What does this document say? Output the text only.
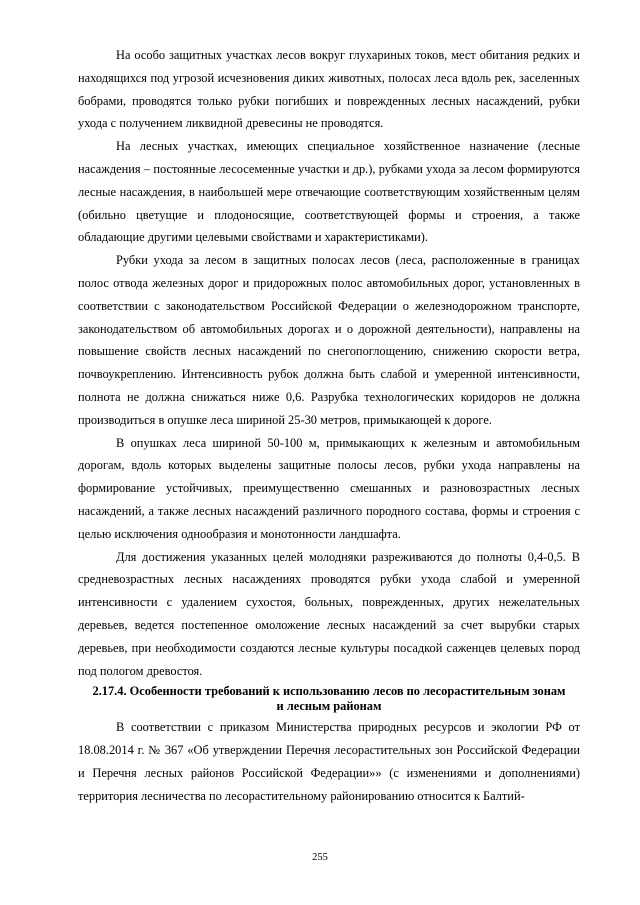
На особо защитных участках лесов вокруг глухариных токов, мест обитания редких и находящихся под угрозой исчезновения диких животных, полосах леса вдоль рек, заселенных бобрами, проводятся только рубки погибших и поврежденных лесных насаждений, рубки ухода с получением ликвидной древесины не проводятся.

На лесных участках, имеющих специальное хозяйственное назначение (лесные насаждения – постоянные лесосеменные участки и др.), рубками ухода за лесом формируются лесные насаждения, в наибольшей мере отвечающие соответствующим хозяйственным целям (обильно цветущие и плодоносящие, соответствующей формы и строения, а также обладающие другими целевыми свойствами и характеристиками).

Рубки ухода за лесом в защитных полосах лесов (леса, расположенные в границах полос отвода железных дорог и придорожных полос автомобильных дорог, установленных в соответствии с законодательством Российской Федерации о железнодорожном транспорте, законодательством об автомобильных дорогах и о дорожной деятельности), направлены на повышение свойств лесных насаждений по снегопоглощению, снижению скорости ветра, почвоукреплению. Интенсивность рубок должна быть слабой и умеренной интенсивности, полнота не должна снижаться ниже 0,6. Разрубка технологических коридоров не должна производиться в опушке леса шириной 25-30 метров, примыкающей к дороге.

В опушках леса шириной 50-100 м, примыкающих к железным и автомобильным дорогам, вдоль которых выделены защитные полосы лесов, рубки ухода направлены на формирование устойчивых, преимущественно смешанных и разновозрастных лесных насаждений, а также лесных насаждений различного породного состава, формы и строения с целью исключения однообразия и монотонности ландшафта.

Для достижения указанных целей молодняки разреживаются до полноты 0,4-0,5. В средневозрастных лесных насаждениях проводятся рубки ухода слабой и умеренной интенсивности с удалением сухостоя, больных, поврежденных, других нежелательных деревьев, ведется постепенное омоложение лесных насаждений за счет вырубки старых деревьев, при необходимости создаются лесные культуры посадкой саженцев целевых пород под пологом древостоя.

2.17.4. Особенности требований к использованию лесов по лесорастительным зонам
и лесным районам

В соответствии с приказом Министерства природных ресурсов и экологии РФ от 18.08.2014 г. № 367 «Об утверждении Перечня лесорастительных зон Российской Федерации и Перечня лесных районов Российской Федерации»» (с изменениями и дополнениями) территория лесничества по лесорастительному районированию относится к Балтий-

255
